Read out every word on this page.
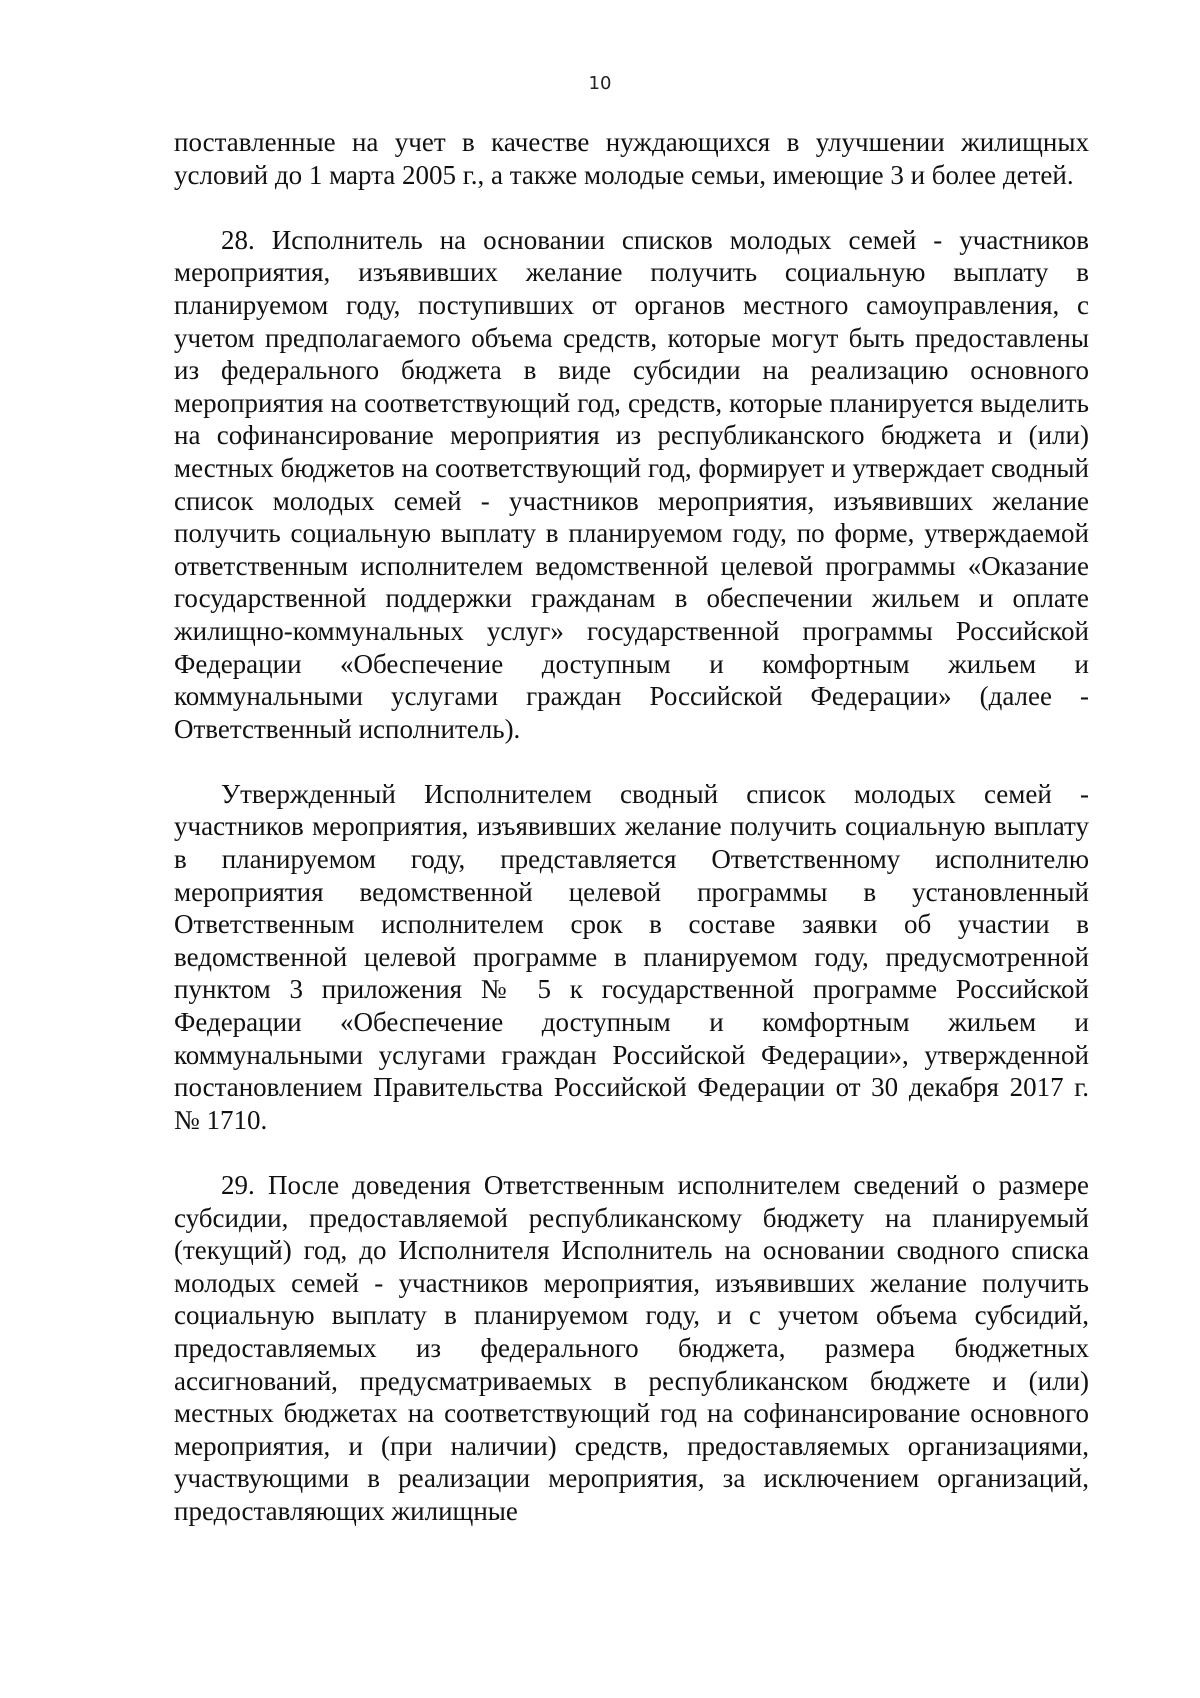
10

поставленные на учет в качестве нуждающихся в улучшении жилищных условий до 1 марта 2005 г., а также молодые семьи, имеющие 3 и более детей.

28. Исполнитель на основании списков молодых семей - участников мероприятия, изъявивших желание получить социальную выплату в планируемом году, поступивших от органов местного самоуправления, с учетом предполагаемого объема средств, которые могут быть предоставлены из федерального бюджета в виде субсидии на реализацию основного мероприятия на соответствующий год, средств, которые планируется выделить на софинансирование мероприятия из республиканского бюджета и (или) местных бюджетов на соответствующий год, формирует и утверждает сводный список молодых семей - участников мероприятия, изъявивших желание получить социальную выплату в планируемом году, по форме, утверждаемой ответственным исполнителем ведомственной целевой программы «Оказание государственной поддержки гражданам в обеспечении жильем и оплате жилищно-коммунальных услуг» государственной программы Российской Федерации «Обеспечение доступным и комфортным жильем и коммунальными услугами граждан Российской Федерации» (далее - Ответственный исполнитель).

Утвержденный Исполнителем сводный список молодых семей - участников мероприятия, изъявивших желание получить социальную выплату в планируемом году, представляется Ответственному исполнителю мероприятия ведомственной целевой программы в установленный Ответственным исполнителем срок в составе заявки об участии в ведомственной целевой программе в планируемом году, предусмотренной пунктом 3 приложения № 5 к государственной программе Российской Федерации «Обеспечение доступным и комфортным жильем и коммунальными услугами граждан Российской Федерации», утвержденной постановлением Правительства Российской Федерации от 30 декабря 2017 г. № 1710.

29. После доведения Ответственным исполнителем сведений о размере субсидии, предоставляемой республиканскому бюджету на планируемый (текущий) год, до Исполнителя Исполнитель на основании сводного списка молодых семей - участников мероприятия, изъявивших желание получить социальную выплату в планируемом году, и с учетом объема субсидий, предоставляемых из федерального бюджета, размера бюджетных ассигнований, предусматриваемых в республиканском бюджете и (или) местных бюджетах на соответствующий год на софинансирование основного мероприятия, и (при наличии) средств, предоставляемых организациями, участвующими в реализации мероприятия, за исключением организаций, предоставляющих жилищные
